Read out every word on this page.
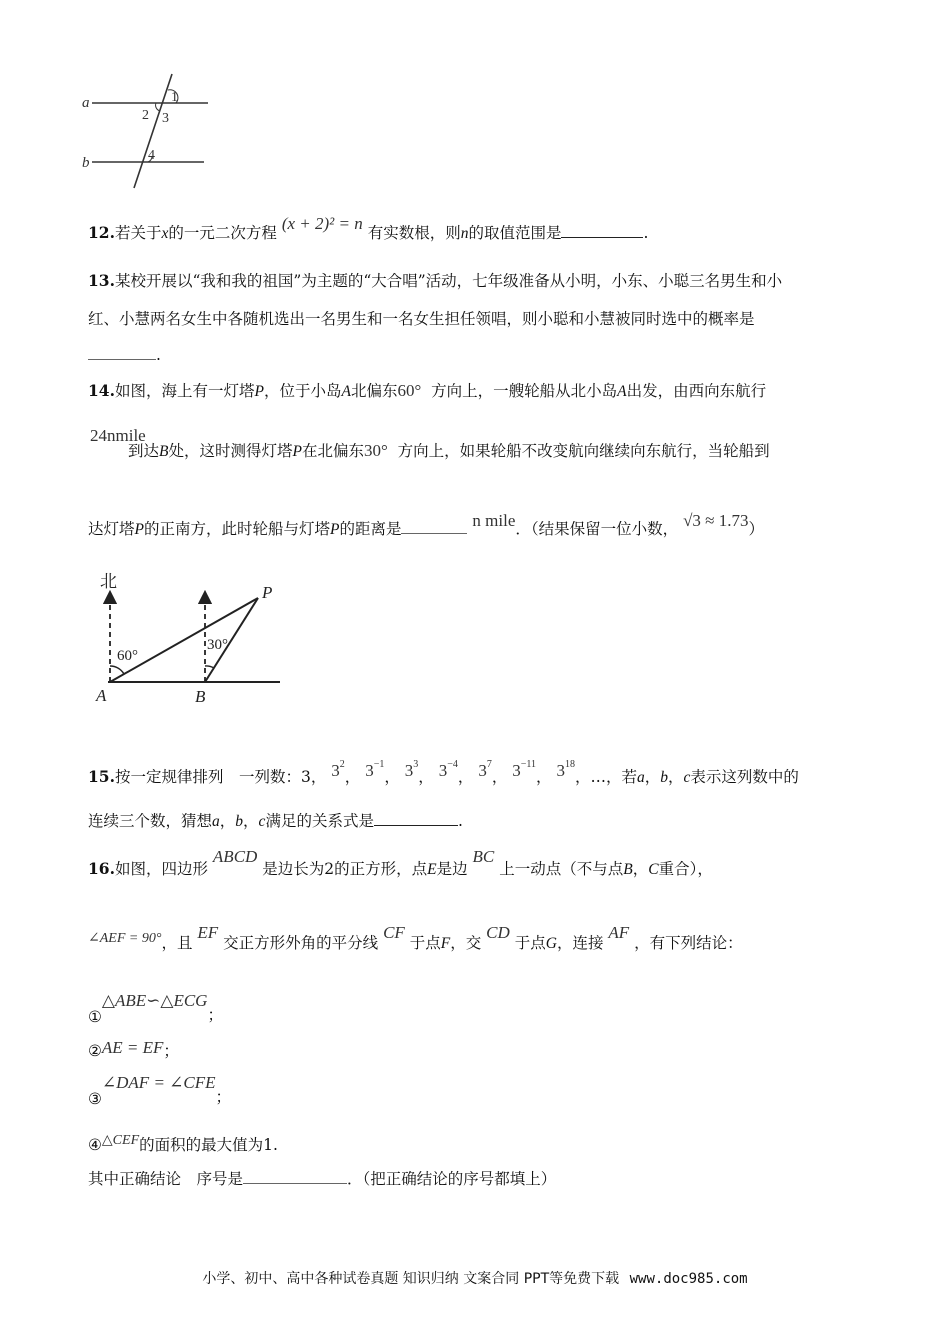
a
b
1
2 3
4
12.若关于x的一元二次方程 (x + 2)² = n 有实数根，则n的取值范围是	.
13.某校开展以“我和我的祖国”为主题的“大合唱”活动，七年级准备从小明，小东、小聪三名男生和小
红、小慧两名女生中各随机选出一名男生和一名女生担任领唱，则小聪和小慧被同时选中的概率是
.
14.如图，海上有一灯塔P，位于小岛A北偏东60° 方向上，一艘轮船从北小岛A出发，由西向东航行
24nmile
到达B处，这时测得灯塔P在北偏东30° 方向上，如果轮船不改变航向继续向东航行，当轮船到
达灯塔P的正南方，此时轮船与灯塔P的距离是	n mile．（结果保留一位小数， √3 ≈ 1.73）
北
P
A	B
60°
30°
15.按一定规律排列　一列数：3， $3^2$， $3^{-1}$， $3^3$， $3^{-4}$， $3^7$， $3^{-11}$， $3^{18}$，…，若a，b，c表示这列数中的
连续三个数，猜想a，b，c满足的关系式是	.
16.如图，四边形 ABCD 是边长为2的正方形，点E是边 BC 上一动点（不与点B，C重合），
∠AEF = 90°，且 EF 交正方形外角的平分线 CF 于点F，交 CD 于点G，连接 AF ，有下列结论：
①△ABE∽△ECG；
②AE = EF；
③∠DAF = ∠CFE；
④△CEF的面积的最大值为1.
其中正确结论　序号是	．（把正确结论的序号都填上）
小学、初中、高中各种试卷真题 知识归纳 文案合同 PPT等免费下载 www.doc985.com
